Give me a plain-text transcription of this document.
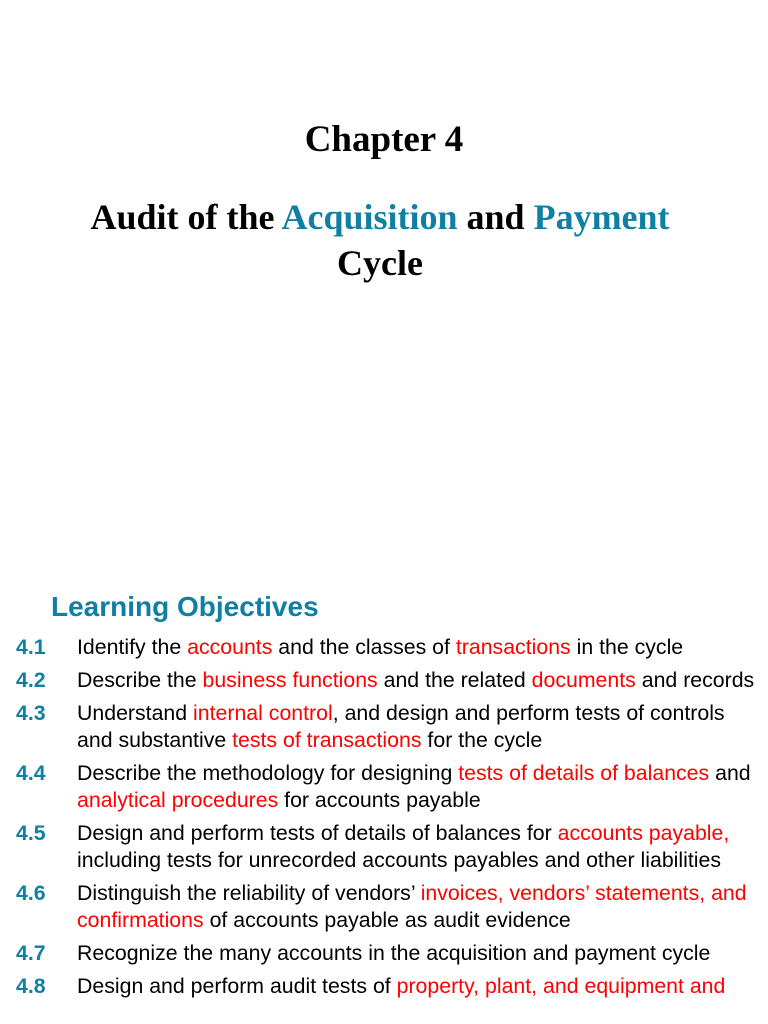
Chapter 4
Audit of the Acquisition and Payment
Cycle
Learning Objectives
4.1 Identify the accounts and the classes of transactions in the cycle
4.2 Describe the business functions and the related documents and records
4.3 Understand internal control, and design and perform tests of controls and substantive tests of transactions for the cycle
4.4 Describe the methodology for designing tests of details of balances and analytical procedures for accounts payable
4.5 Design and perform tests of details of balances for accounts payable, including tests for unrecorded accounts payables and other liabilities
4.6 Distinguish the reliability of vendors’ invoices, vendors’ statements, and confirmations of accounts payable as audit evidence
4.7 Recognize the many accounts in the acquisition and payment cycle
4.8 Design and perform audit tests of property, plant, and equipment and
